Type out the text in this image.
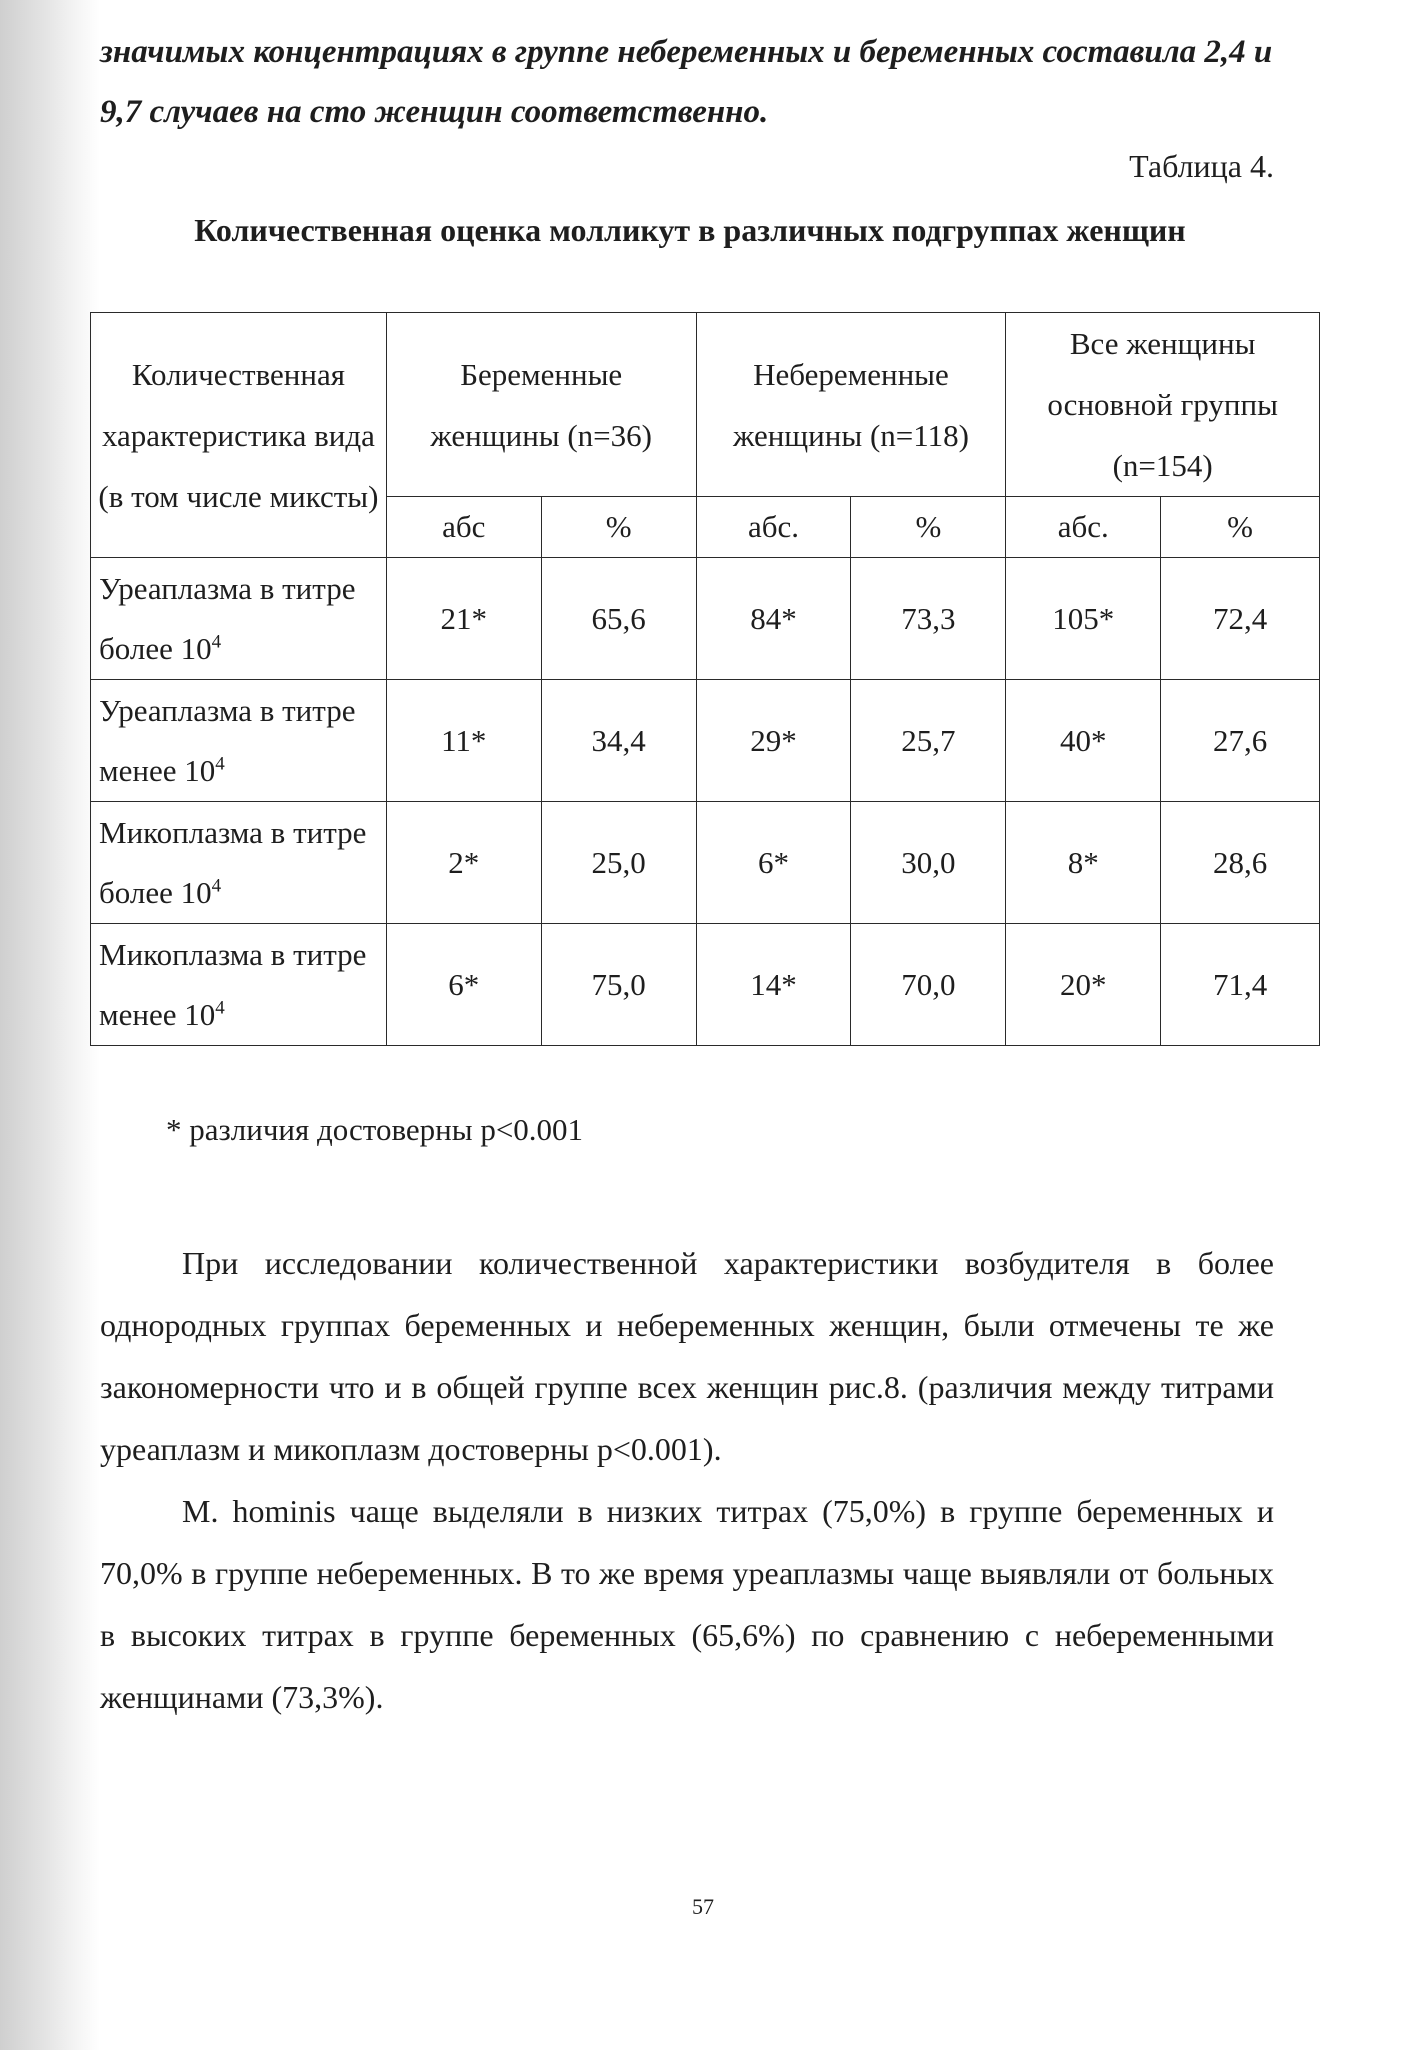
значимых концентрациях в группе небеременных и беременных составила 2,4 и 9,7 случаев на сто женщин соответственно.

Таблица 4.

Количественная оценка молликут в различных подгруппах женщин

Количественная характеристика вида (в том числе миксты)	Беременные женщины (n=36)		Небеременные женщины (n=118)		Все женщины основной группы (n=154)	
	абс	%	абс.	%	абс.	%
Уреаплазма в титре более $10^4$	21*	65,6	84*	73,3	105*	72,4
Уреаплазма в титре менее $10^4$	11*	34,4	29*	25,7	40*	27,6
Микоплазма в титре более $10^4$	2*	25,0	6*	30,0	8*	28,6
Микоплазма в титре менее $10^4$	6*	75,0	14*	70,0	20*	71,4

* различия достоверны p<0.001

При исследовании количественной характеристики возбудителя в более однородных группах беременных и небеременных женщин, были отмечены те же закономерности что и в общей группе всех женщин рис.8. (различия между титрами уреаплазм и микоплазм достоверны p<0.001).

M. hominis чаще выделяли в низких титрах (75,0%) в группе беременных и 70,0% в группе небеременных. В то же время уреаплазмы чаще выявляли от больных в высоких титрах в группе беременных (65,6%) по сравнению с небеременными женщинами (73,3%).

57
